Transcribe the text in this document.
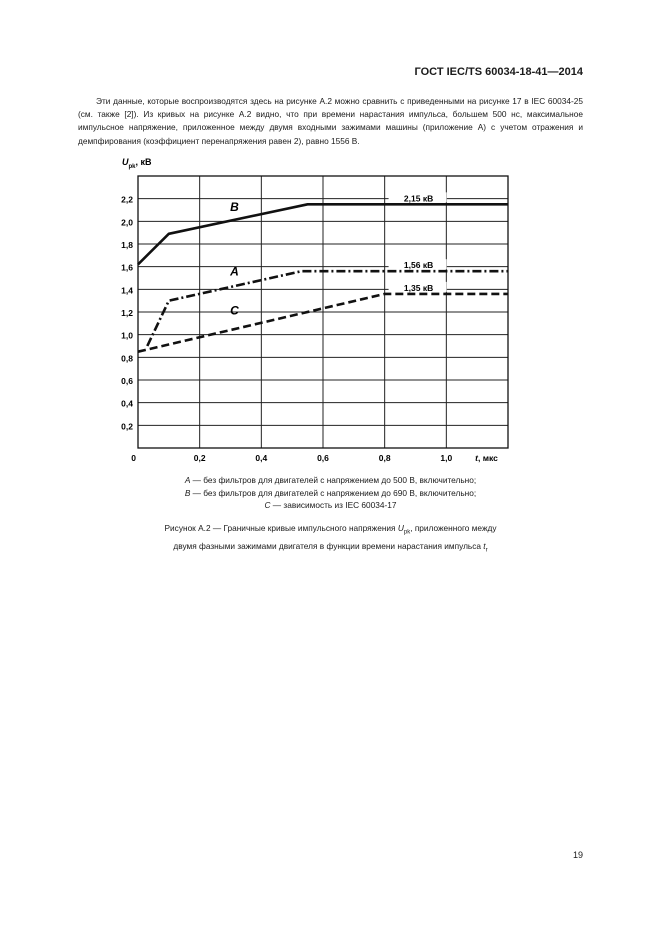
ГОСТ IEC/TS 60034-18-41—2014
Эти данные, которые воспроизводятся здесь на рисунке А.2 можно сравнить с приведенными на рисунке 17 в IEC 60034-25 (см. также [2]). Из кривых на рисунке А.2 видно, что при времени нарастания импульса, большем 500 нс, максимальное импульсное напряжение, приложенное между двумя входными зажимами машины (приложение А) с учетом отражения и демпфирования (коэффициент перенапряжения равен 2), равно 1556 В.
0,2
0,4
0,6
0,8
1,0
1,2
1,4
1,6
1,8
2,0
2,2
0	0,2	0,4	0,6	0,8	1,0
$U_{pk}$, кВ
t, мкс
B
2,15 кВ
A	1,56 кВ
C
1,35 кВ
A — без фильтров для двигателей с напряжением до 500 В, включительно;
B — без фильтров для двигателей с напряжением до 690 В, включительно;
C — зависимость из IEC 60034-17
Рисунок А.2 — Граничные кривые импульсного напряжения $U_{pk}$, приложенного между
двумя фазными зажимами двигателя в функции времени нарастания импульса $t_r$
19
